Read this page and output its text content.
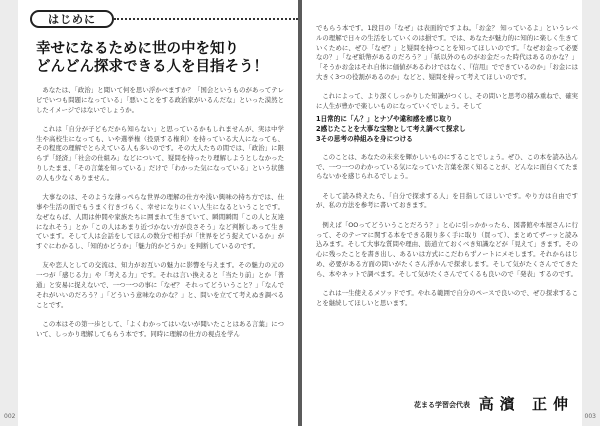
はじめに
幸せになるために世の中を知り
どんどん探求できる人を目指そう！

あなたは、「政治」と聞いて何を思い浮かべますか？「国会というものがあってテレビでいつも問題になっている」「悪いことをする政治家がいるんだな」といった漠然としたイメージではないでしょうか。

これは「自分が子どもだから知らない」と思っているかもしれませんが、実は中学生や高校生になっても、いや選挙権（投票する権利）を持っている大人になっても、その程度の理解でとらえている人も多いのです。その大人たちの間では、「政治」に限らず「経済」「社会の仕組み」などについて、疑問を持ったり理解しようとしなかったりしたまま、「その言葉を知っている」だけで「わかった気になっている」という状態の人も少なくありません。

大事なのは、そのような薄っぺらな世界の理解の仕方や浅い興味の持ち方では、仕事や生活の面でもうまく行きづらく、幸せになりにくい人生になるということです。なぜならば、人間は仲間や家族たちに囲まれて生きていて、瞬間瞬間「この人と友達になれそう」とか「この人はあまり近づかない方が良さそう」など判断しあって生きています。そして人は会話をしてほんの数分で相手が「世界をどう捉えているか」がすぐにわかるし、「知的かどうか」「魅力的かどうか」を判断しているのです。

友や恋人としての交流は、知力がお互いの魅力に影響を与えます。その魅力の元の一つが「感じる力」や「考える力」です。それは言い換えると「当たり前」とか「普通」と安易に捉えないで、一つ一つの事に「なぜ？ それってどういうこと？」「なんでそれがいいのだろう？」「どういう意味なのかな？」と、問いを立てて考えぬき調べることです。

この本はその第一歩として、「よくわかってはいないが聞いたことはある言葉」について、しっかり理解してもらう本です。同時に理解の仕方の視点を学ん

002

でもらう本です。1段目の「なぜ」は表面的ですよね。「お金？ 知っているよ」というレベルの理解で日々の生活をしていくのは損です。では、あなたが魅力的に知的に楽しく生きていくために、ぜひ「なぜ？」と疑問を持つことを知ってほしいのです。「なぜお金って必要なの？」「なぜ紙幣があるのだろう？」「紙以外のものがお金だった時代はあるのかな？」「そうかお金はそれ自体に価値があるわけではなく、『信用』でできているのか」「お金には大きく3つの役割があるのか」などと、疑問を持って考えてほしいのです。

これによって、より深くしっかりした知識がつくし、その問いと思考の積み重ねで、確実に人生が豊かで楽しいものになっていくでしょう。そして

1日常的に「ん？」とナゾや違和感を感じ取り
2感じたことを大事な宝物として考え調べて探求し
3その思考の枠組みを身につける

このことは、あなたの未来を輝かしいものにすることでしょう。ぜひ、この本を読み込んで、一つ一つのわかっている気になっていた言葉を深く知ることが、どんなに面白くてたまらないかを感じられるでしょう。

そして読み終えたら、「自分で探求する人」を目指してほしいです。やり方は自由ですが、私の方法を参考に書いておきます。

例えば「OOってどういうことだろう？」と心に引っかかったら、図書館や本屋さんに行って、そのテーマに関する本をできる限り多く手に取り（買って）、まとめてザーッと読み込みます。そして大事な質問や理由、筋道立ておくべき知識などが「見えて」きます。その心に残ったことを書き出し、あるいは方式にこだわらずノートにメモします。それからはじめ、必要がある方面の問いがたくさん浮かんで探求します。そして気がたくさんでてきたら、本やネットで調べます。そして気がたくさんでてくるも良いので「発表」するのです。

これは一生使えるメソッドです。やれる範囲で自分のペースで良いので、ぜひ探求することを継続してほしいと思います。

花まる学習会代表 高濱 正伸
003
